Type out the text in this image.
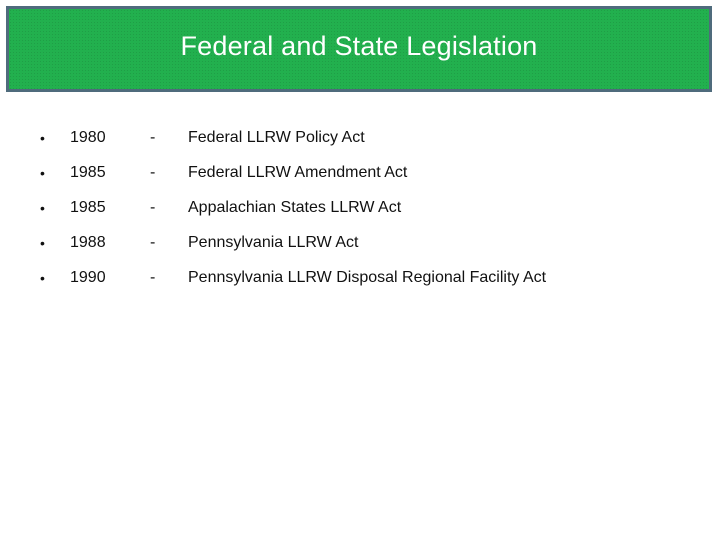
Federal and State Legislation
•	1980	-	Federal LLRW Policy Act
•	1985	-	Federal LLRW Amendment Act
•	1985	-	Appalachian States LLRW Act
•	1988	-	Pennsylvania LLRW Act
•	1990	-	Pennsylvania LLRW Disposal Regional Facility Act
